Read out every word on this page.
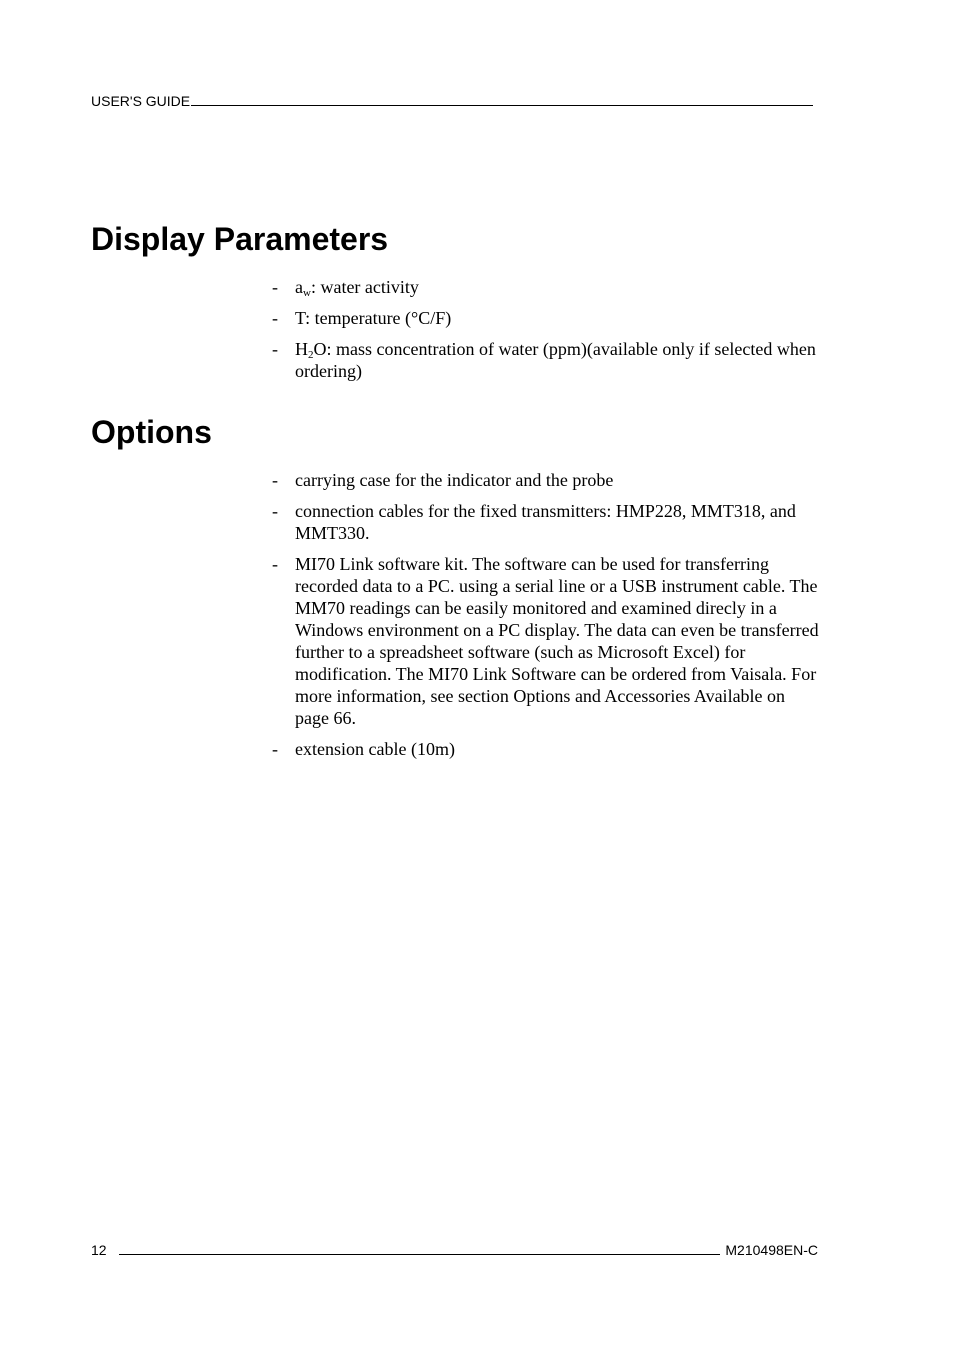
USER'S GUIDE
Display Parameters
- $a_w$: water activity
- T: temperature (°C/F)
- $H_2O$: mass concentration of water (ppm)(available only if selected when ordering)
Options
- carrying case for the indicator and the probe
- connection cables for the fixed transmitters: HMP228, MMT318, and MMT330.
- MI70 Link software kit. The software can be used for transferring recorded data to a PC. using a serial line or a USB instrument cable. The MM70 readings can be easily monitored and examined direcly in a Windows environment on a PC display. The data can even be transferred further to a spreadsheet software (such as Microsoft Excel) for modification. The MI70 Link Software can be ordered from Vaisala. For more information, see section Options and Accessories Available on page 66.
- extension cable (10m)
12	M210498EN-C
